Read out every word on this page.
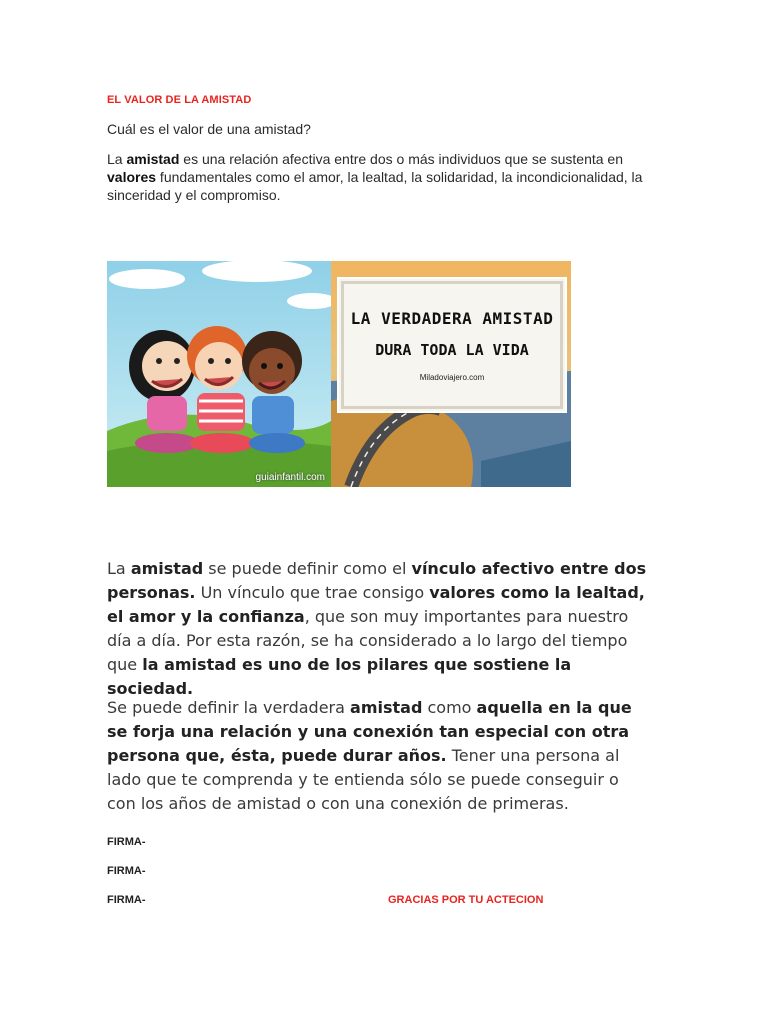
EL VALOR DE LA AMISTAD
Cuál es el valor de una amistad?
La amistad es una relación afectiva entre dos o más individuos que se sustenta en valores fundamentales como el amor, la lealtad, la solidaridad, la incondicionalidad, la sinceridad y el compromiso.
guiainfantil.com
LA VERDADERA AMISTAD
DURA TODA LA VIDA
Miladoviajero.com
La amistad se puede definir como el vínculo afectivo entre dos personas. Un vínculo que trae consigo valores como la lealtad, el amor y la confianza, que son muy importantes para nuestro día a día. Por esta razón, se ha considerado a lo largo del tiempo que la amistad es uno de los pilares que sostiene la sociedad.
Se puede definir la verdadera amistad como aquella en la que se forja una relación y una conexión tan especial con otra persona que, ésta, puede durar años. Tener una persona al lado que te comprenda y te entienda sólo se puede conseguir o con los años de amistad o con una conexión de primeras.
FIRMA-
FIRMA-
FIRMA-	GRACIAS POR TU ACTECION
